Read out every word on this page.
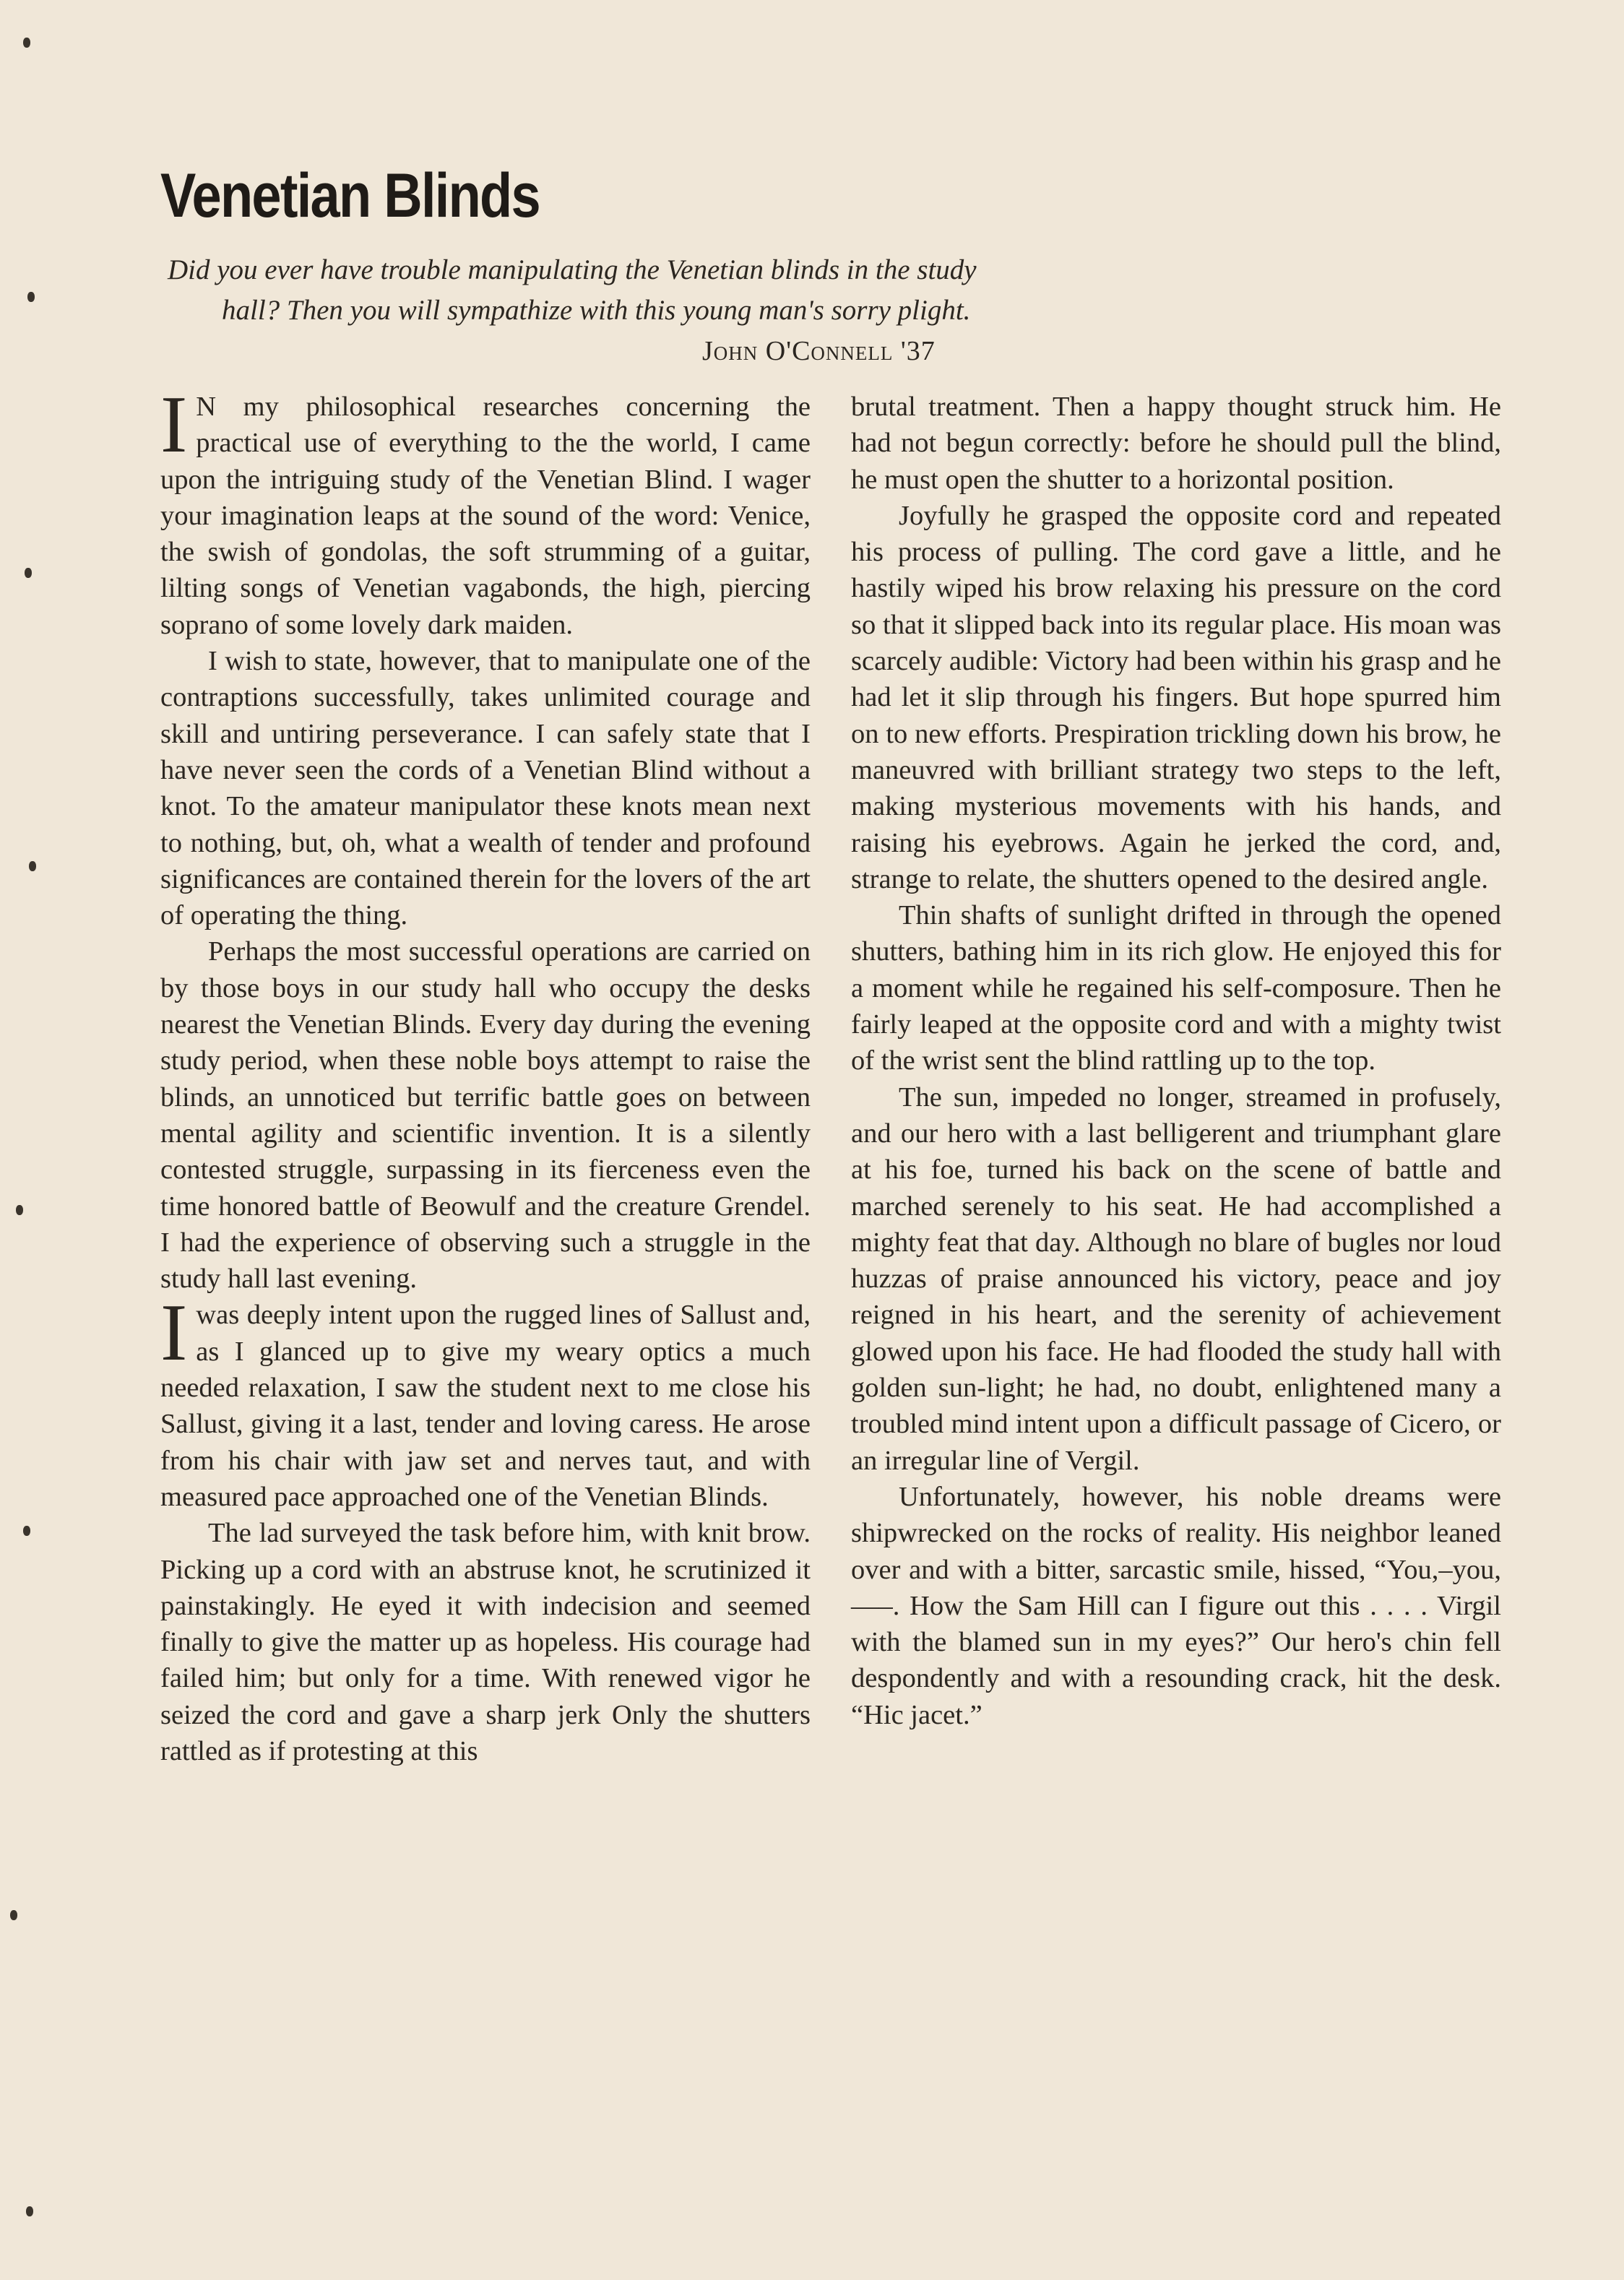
Venetian Blinds
Did you ever have trouble manipulating the Venetian blinds in the study
hall? Then you will sympathize with this young man's sorry plight.
John O'Connell '37

I N my philosophical researches concerning the practical use of everything to the the world, I came upon the intriguing study of the Venetian Blind. I wager your imagination leaps at the sound of the word: Venice, the swish of gondolas, the soft strumming of a guitar, lilting songs of Venetian vagabonds, the high, piercing soprano of some lovely dark maiden.

I wish to state, however, that to manipulate one of the contraptions successfully, takes unlimited courage and skill and untiring perseverance. I can safely state that I have never seen the cords of a Venetian Blind without a knot. To the amateur manipulator these knots mean next to nothing, but, oh, what a wealth of tender and profound significances are contained therein for the lovers of the art of operating the thing.

Perhaps the most successful operations are carried on by those boys in our study hall who occupy the desks nearest the Venetian Blinds. Every day during the evening study period, when these noble boys attempt to raise the blinds, an unnoticed but terrific battle goes on between mental agility and scientific invention. It is a silently contested struggle, surpassing in its fierceness even the time honored battle of Beowulf and the creature Grendel. I had the experience of observing such a struggle in the study hall last evening.

Iwas deeply intent upon the rugged lines of Sallust and, as I glanced up to give my weary optics a much needed relaxation, I saw the student next to me close his Sallust, giving it a last, tender and loving caress. He arose from his chair with jaw set and nerves taut, and with measured pace approached one of the Venetian Blinds.

The lad surveyed the task before him, with knit brow. Picking up a cord with an abstruse knot, he scrutinized it painstakingly. He eyed it with indecision and seemed finally to give the matter up as hopeless. His courage had failed him; but only for a time. With renewed vigor he seized the cord and gave a sharp jerk Only the shutters rattled as if protesting at this

brutal treatment. Then a happy thought struck him. He had not begun correctly: before he should pull the blind, he must open the shutter to a horizontal position.

Joyfully he grasped the opposite cord and repeated his process of pulling. The cord gave a little, and he hastily wiped his brow relaxing his pressure on the cord so that it slipped back into its regular place. His moan was scarcely audible: Victory had been within his grasp and he had let it slip through his fingers. But hope spurred him on to new efforts. Prespiration trickling down his brow, he maneuvred with brilliant strategy two steps to the left, making mysterious movements with his hands, and raising his eyebrows. Again he jerked the cord, and, strange to relate, the shutters opened to the desired angle.

Thin shafts of sunlight drifted in through the opened shutters, bathing him in its rich glow. He enjoyed this for a moment while he regained his self-composure. Then he fairly leaped at the opposite cord and with a mighty twist of the wrist sent the blind rattling up to the top.

The sun, impeded no longer, streamed in profusely, and our hero with a last belligerent and triumphant glare at his foe, turned his back on the scene of battle and marched serenely to his seat. He had accomplished a mighty feat that day. Although no blare of bugles nor loud huzzas of praise announced his victory, peace and joy reigned in his heart, and the serenity of achievement glowed upon his face. He had flooded the study hall with golden sun-light; he had, no doubt, enlightened many a troubled mind intent upon a difficult passage of Cicero, or an irregular line of Vergil.

Unfortunately, however, his noble dreams were shipwrecked on the rocks of reality. His neighbor leaned over and with a bitter, sarcastic smile, hissed, “You,–you,—–. How the Sam Hill can I figure out this . . . . Virgil with the blamed sun in my eyes?” Our hero's chin fell despondently and with a resounding crack, hit the desk. “Hic jacet.”
